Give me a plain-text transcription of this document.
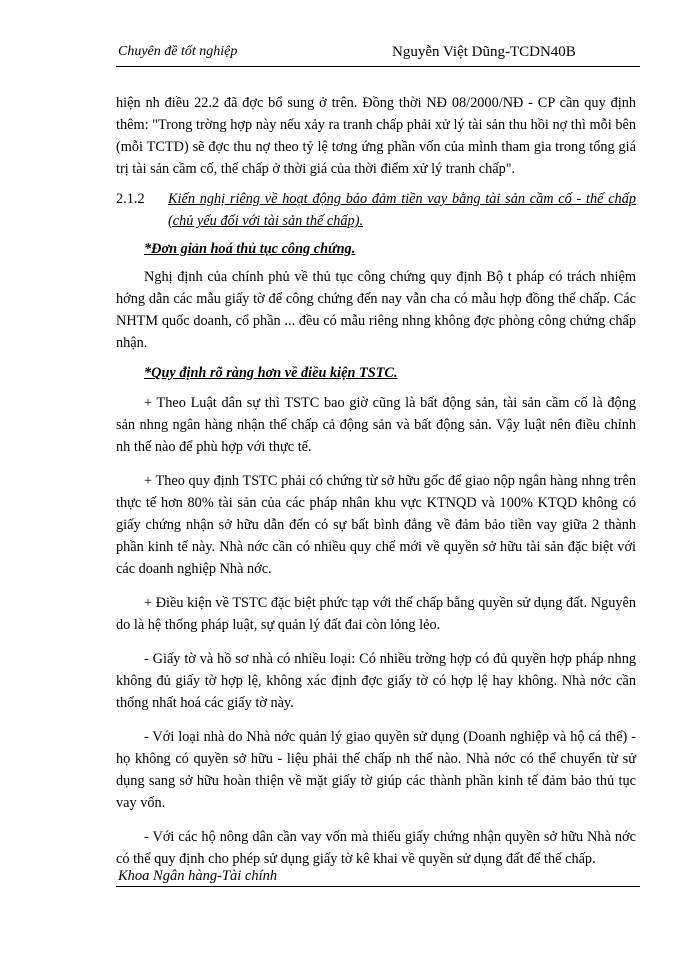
Chuyên đề tốt nghiệp	Nguyễn Việt Dũng-TCDN40B

hiện nh điều 22.2 đã đợc bổ sung ở trên. Đồng thời NĐ 08/2000/NĐ - CP cần quy định thêm: "Trong trờng hợp này nếu xảy ra tranh chấp phải xử lý tài sản thu hồi nợ thì mỗi bên (mỗi TCTD) sẽ đợc thu nợ theo tỷ lệ tơng ứng phần vốn của mình tham gia trong tổng giá trị tài sản cầm cố, thế chấp ở thời giá của thời điểm xử lý tranh chấp".

2.1.2	Kiến nghị riêng về hoạt động bảo đảm tiền vay bằng tài sản cầm cố - thế chấp (chủ yếu đối với tài sản thế chấp).

*Đơn giản hoá thủ tục công chứng.

Nghị định của chính phủ về thủ tục công chứng quy định Bộ t pháp có trách nhiệm hớng dẫn các mẫu giấy tờ để công chứng đến nay vẫn cha có mẫu hợp đồng thế chấp. Các NHTM quốc doanh, cổ phần ... đều có mẫu riêng nhng không đợc phòng công chứng chấp nhận.

*Quy định rõ ràng hơn về điều kiện TSTC.

+ Theo Luật dân sự thì TSTC bao giờ cũng là bất động sản, tài sản cầm cố là động sản nhng ngân hàng nhận thế chấp cả động sản và bất động sản. Vậy luật nên điều chỉnh nh thế nào để phù hợp với thực tế.

+ Theo quy định TSTC phải có chứng từ sở hữu gốc để giao nộp ngân hàng nhng trên thực tế hơn 80% tài sản của các pháp nhân khu vực KTNQD và 100% KTQD không có giấy chứng nhận sở hữu dẫn đến có sự bất bình đẳng về đảm bảo tiền vay giữa 2 thành phần kinh tế này. Nhà nớc cần có nhiều quy chế mới về quyền sở hữu tài sản đặc biệt với các doanh nghiệp Nhà nớc.

+ Điều kiện về TSTC đặc biệt phức tạp với thế chấp bằng quyền sử dụng đất. Nguyên do là hệ thống pháp luật, sự quản lý đất đai còn lỏng lẻo.

- Giấy tờ và hồ sơ nhà có nhiều loại: Có nhiều trờng hợp có đủ quyền hợp pháp nhng không đủ giấy tờ hợp lệ, không xác định đợc giấy tờ có hợp lệ hay không. Nhà nớc cần thống nhất hoá các giấy tờ này.

- Với loại nhà do Nhà nớc quản lý giao quyền sử dụng (Doanh nghiệp và hộ cá thể) - họ không có quyền sở hữu - liệu phải thế chấp nh thế nào. Nhà nớc có thể chuyển từ sử dụng sang sở hữu hoàn thiện về mặt giấy tờ giúp các thành phần kinh tế đảm bảo thủ tục vay vốn.

- Với các hộ nông dân cần vay vốn mà thiếu giấy chứng nhận quyền sở hữu Nhà nớc có thể quy định cho phép sử dụng giấy tờ kê khai về quyền sử dụng đất để thế chấp.

Khoa Ngân hàng-Tài chính
